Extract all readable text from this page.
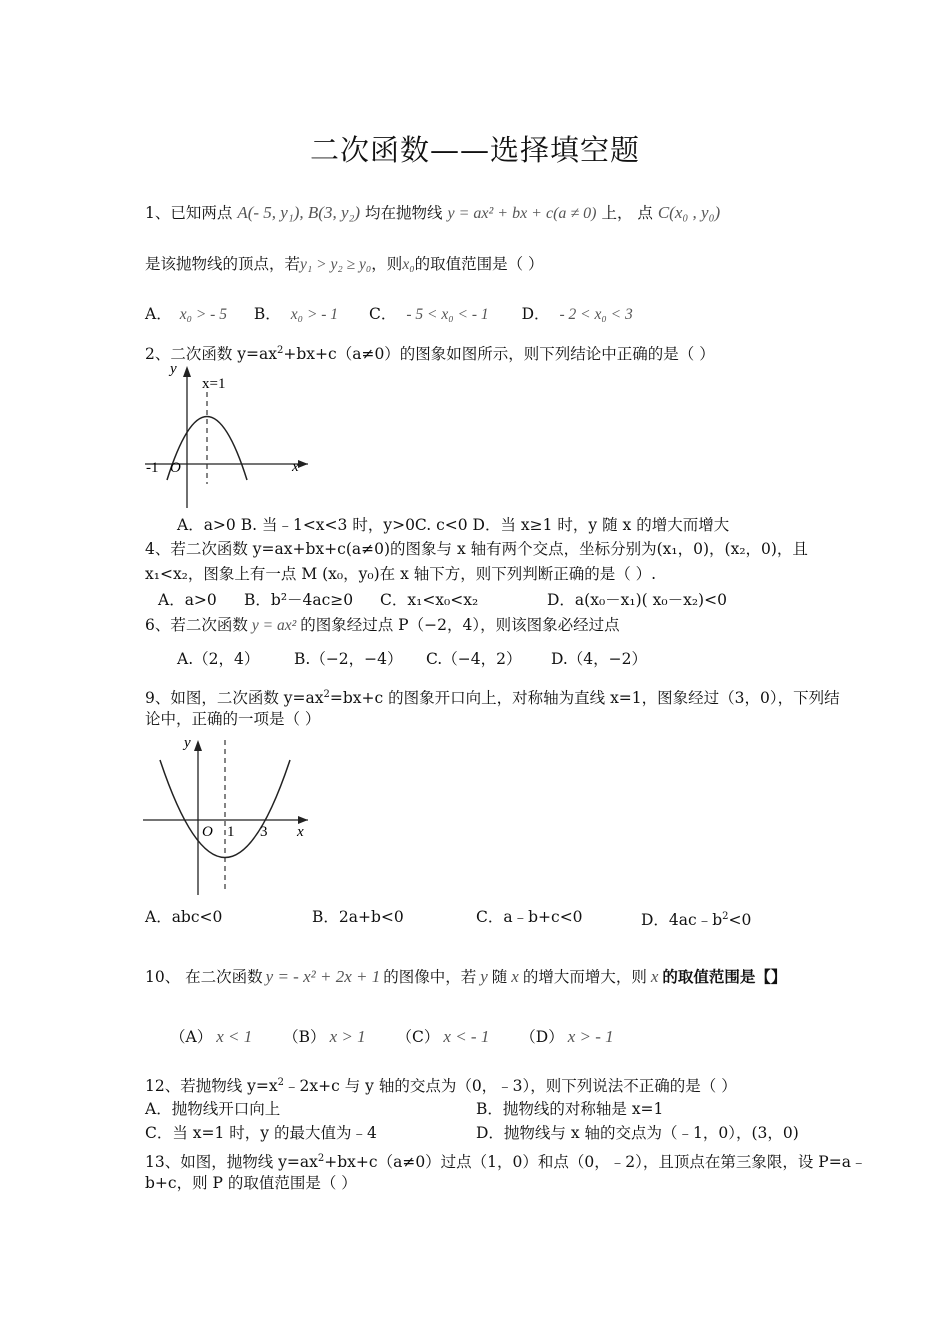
二次函数——选择填空题
1、已知两点 A(- 5, y₁), B(3, y₂) 均在抛物线 y = ax² + bx + c(a ≠ 0) 上， 点 C(x₀ , y₀)
是该抛物线的顶点，若y₁ > y₂ ≥ y₀，则x₀的取值范围是（ ）
A． x₀ > - 5 B． x₀ > - 1 C． - 5 < x₀ < - 1 D． - 2 < x₀ < 3
2、二次函数 $y=ax^2+bx+c(a\ne 0)$的图象如图所示，则下列结论中正确的是（ ）
y
x=1
x
-1 O
A．a>0 B. 当﹣1<x<3 时，y>0C. c<0 D．当 x≥1 时，y 随 x 的增大而增大
4、若二次函数 y=ax+bx+c(a≠0)的图象与 x 轴有两个交点，坐标分别为(x₁，0)，(x₂，0)，且
x₁<x₂，图象上有一点 M (x₀，y₀)在 x 轴下方，则下列判断正确的是（ ）.
A．a>0 B．b²－4ac≥0 C．x₁<x₀<x₂	D．a(x₀－x₁)( x₀－x₂)<0
6、若二次函数 y = ax² 的图象经过点 P（−2，4），则该图象必经过点
A.（2，4） B.（−2，−4） C.（−4，2） D.（4，−2）
9、如图，二次函数 $y=ax^2=bx+c$ 的图象开口向上，对称轴为直线 x=1，图象经过（3，0），下列结
论中，正确的一项是（ ）
y
x
O 1 3
A．abc<0	B．2a+b<0	C．a﹣b+c<0	D．$4ac﹣b^2<0$
10、 在二次函数 y = - x² + 2x + 1 的图像中，若 y 随 x 的增大而增大，则 x 的取值范围是【】
（A） x < 1 （B） x > 1 （C） x < - 1 （D） x > - 1
12、若抛物线 $y=x^2﹣2x+c$ 与 y 轴的交点为（0，﹣3），则下列说法不正确的是（ ）
A．抛物线开口向上	B．抛物线的对称轴是 x=1
C．当 x=1 时，y 的最大值为﹣4	D．抛物线与 x 轴的交点为（﹣1，0），(3，0)
13、如图，抛物线 $y=ax^2+bx+c(a\ne 0)$过点（1，0）和点（0，﹣2），且顶点在第三象限，设 P=a﹣
b+c，则 P 的取值范围是（ ）
